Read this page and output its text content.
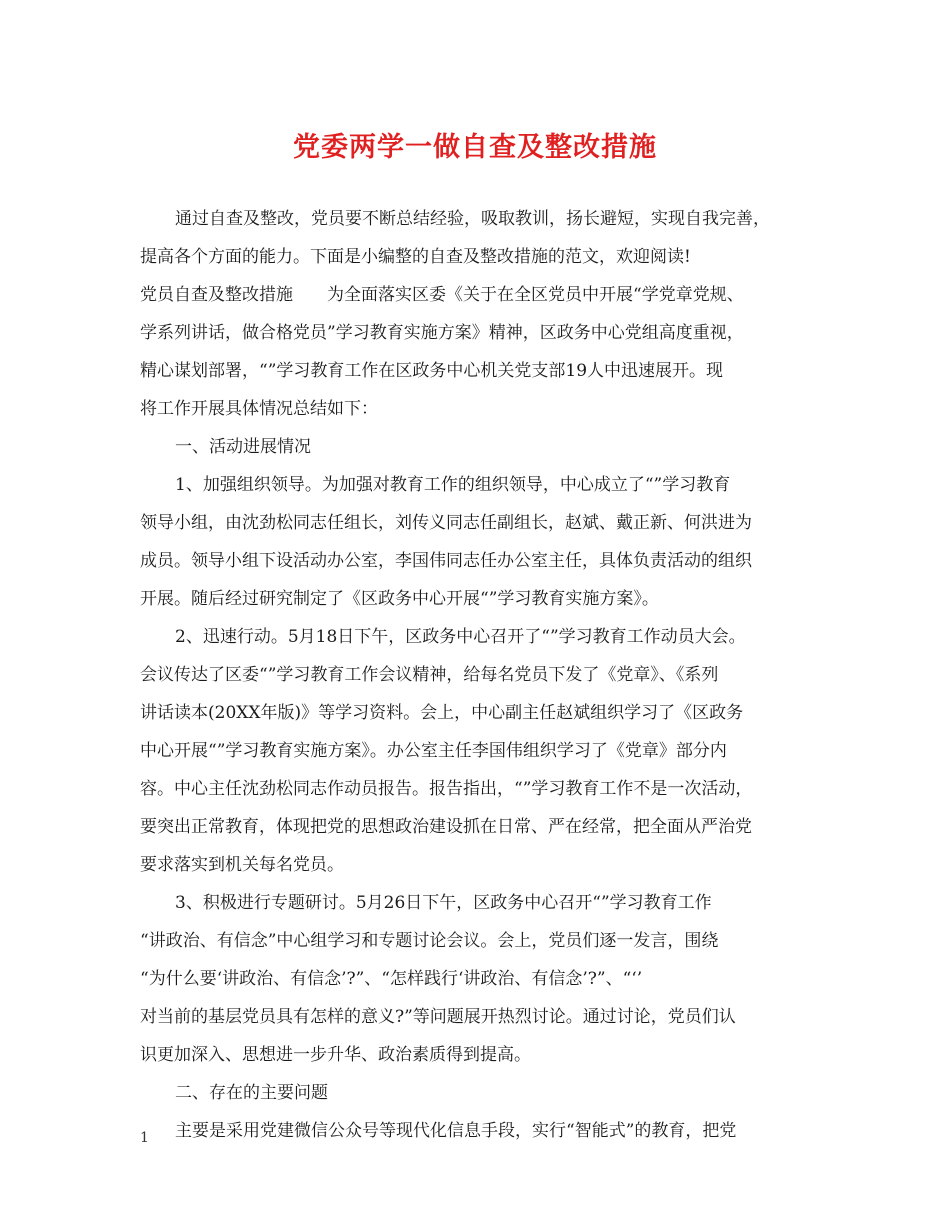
党委两学一做自查及整改措施
通过自查及整改，党员要不断总结经验，吸取教训，扬长避短，实现自我完善，
提高各个方面的能力。下面是小编整的自查及整改措施的范文，欢迎阅读!
党员自查及整改措施　　为全面落实区委《关于在全区党员中开展“学党章党规、
学系列讲话，做合格党员”学习教育实施方案》精神，区政务中心党组高度重视，
精心谋划部署，“”学习教育工作在区政务中心机关党支部19人中迅速展开。现
将工作开展具体情况总结如下：
一、活动进展情况
1、加强组织领导。为加强对教育工作的组织领导，中心成立了“”学习教育
领导小组，由沈劲松同志任组长，刘传义同志任副组长，赵斌、戴正新、何洪进为
成员。领导小组下设活动办公室，李国伟同志任办公室主任，具体负责活动的组织
开展。随后经过研究制定了《区政务中心开展“”学习教育实施方案》。
2、迅速行动。5月18日下午，区政务中心召开了“”学习教育工作动员大会。
会议传达了区委“”学习教育工作会议精神，给每名党员下发了《党章》、《系列
讲话读本(20XX年版)》等学习资料。会上，中心副主任赵斌组织学习了《区政务
中心开展“”学习教育实施方案》。办公室主任李国伟组织学习了《党章》部分内
容。中心主任沈劲松同志作动员报告。报告指出，“”学习教育工作不是一次活动，
要突出正常教育，体现把党的思想政治建设抓在日常、严在经常，把全面从严治党
要求落实到机关每名党员。
3、积极进行专题研讨。5月26日下午，区政务中心召开“”学习教育工作
“讲政治、有信念”中心组学习和专题讨论会议。会上，党员们逐一发言，围绕
“为什么要‘讲政治、有信念’?”、“怎样践行‘讲政治、有信念’?”、“‘’
对当前的基层党员具有怎样的意义?”等问题展开热烈讨论。通过讨论，党员们认
识更加深入、思想进一步升华、政治素质得到提高。
二、存在的主要问题
主要是采用党建微信公众号等现代化信息手段，实行“智能式”的教育，把党
1
